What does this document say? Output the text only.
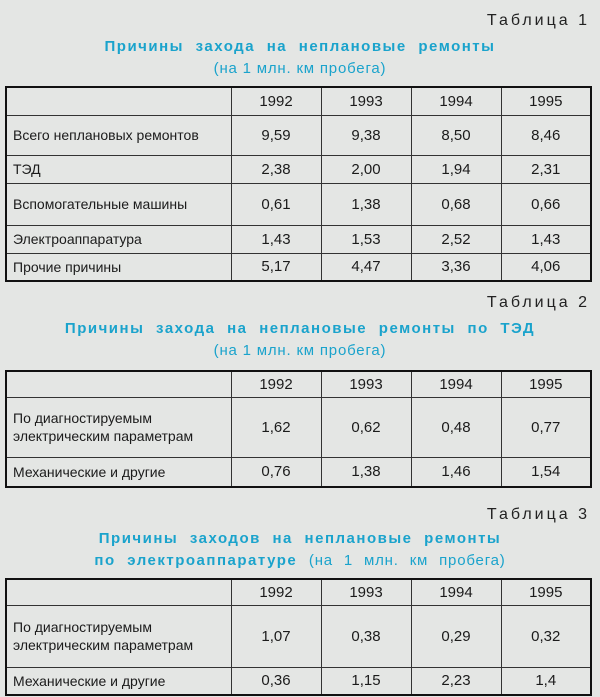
Таблица 1
Причины захода на неплановые ремонты
(на 1 млн. км пробега)
	1992	1993	1994	1995
Всего неплановых ремонтов	9,59	9,38	8,50	8,46
ТЭД	2,38	2,00	1,94	2,31
Вспомогательные машины	0,61	1,38	0,68	0,66
Электроаппаратура	1,43	1,53	2,52	1,43
Прочие причины	5,17	4,47	3,36	4,06
Таблица 2
Причины захода на неплановые ремонты по ТЭД
(на 1 млн. км пробега)
	1992	1993	1994	1995
По диагностируемым электрическим параметрам	1,62	0,62	0,48	0,77
Механические и другие	0,76	1,38	1,46	1,54
Таблица 3
Причины заходов на неплановые ремонты
по электроаппаратуре (на 1 млн. км пробега)
	1992	1993	1994	1995
По диагностируемым электрическим параметрам	1,07	0,38	0,29	0,32
Механические и другие	0,36	1,15	2,23	1,4
